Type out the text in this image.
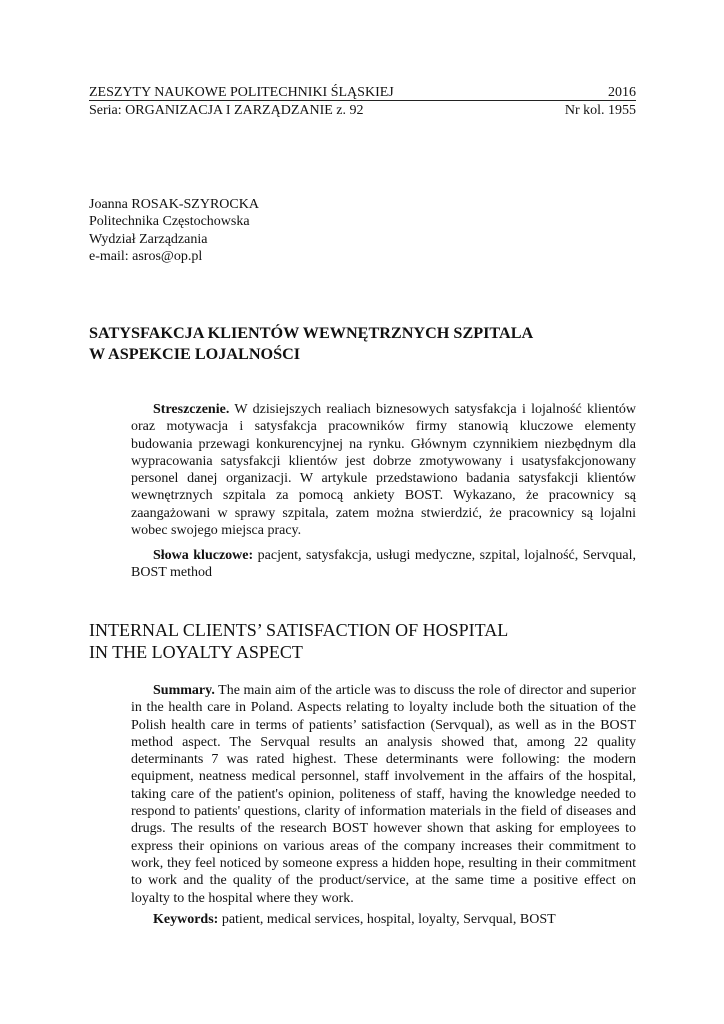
ZESZYTY NAUKOWE POLITECHNIKI ŚLĄSKIEJ	2016
Seria: ORGANIZACJA I ZARZĄDZANIE z. 92	Nr kol. 1955
Joanna ROSAK-SZYROCKA
Politechnika Częstochowska
Wydział Zarządzania
e-mail: asros@op.pl
SATYSFAKCJA KLIENTÓW WEWNĘTRZNYCH SZPITALA
W ASPEKCIE LOJALNOŚCI

Streszczenie. W dzisiejszych realiach biznesowych satysfakcja i lojalność klientów oraz motywacja i satysfakcja pracowników firmy stanowią kluczowe elementy budowania przewagi konkurencyjnej na rynku. Głównym czynnikiem niezbędnym dla wypracowania satysfakcji klientów jest dobrze zmotywowany i usatysfakcjonowany personel danej organizacji. W artykule przedstawiono badania satysfakcji klientów wewnętrznych szpitala za pomocą ankiety BOST. Wykazano, że pracownicy są zaangażowani w sprawy szpitala, zatem można stwierdzić, że pracownicy są lojalni wobec swojego miejsca pracy.

Słowa kluczowe: pacjent, satysfakcja, usługi medyczne, szpital, lojalność, Servqual, BOST method

INTERNAL CLIENTS’ SATISFACTION OF HOSPITAL
IN THE LOYALTY ASPECT

Summary. The main aim of the article was to discuss the role of director and superior in the health care in Poland. Aspects relating to loyalty include both the situation of the Polish health care in terms of patients’ satisfaction (Servqual), as well as in the BOST method aspect. The Servqual results an analysis showed that, among 22 quality determinants 7 was rated highest. These determinants were following: the modern equipment, neatness medical personnel, staff involvement in the affairs of the hospital, taking care of the patient's opinion, politeness of staff, having the knowledge needed to respond to patients' questions, clarity of information materials in the field of diseases and drugs. The results of the research BOST however shown that asking for employees to express their opinions on various areas of the company increases their commitment to work, they feel noticed by someone express a hidden hope, resulting in their commitment to work and the quality of the product/service, at the same time a positive effect on loyalty to the hospital where they work.

Keywords: patient, medical services, hospital, loyalty, Servqual, BOST
